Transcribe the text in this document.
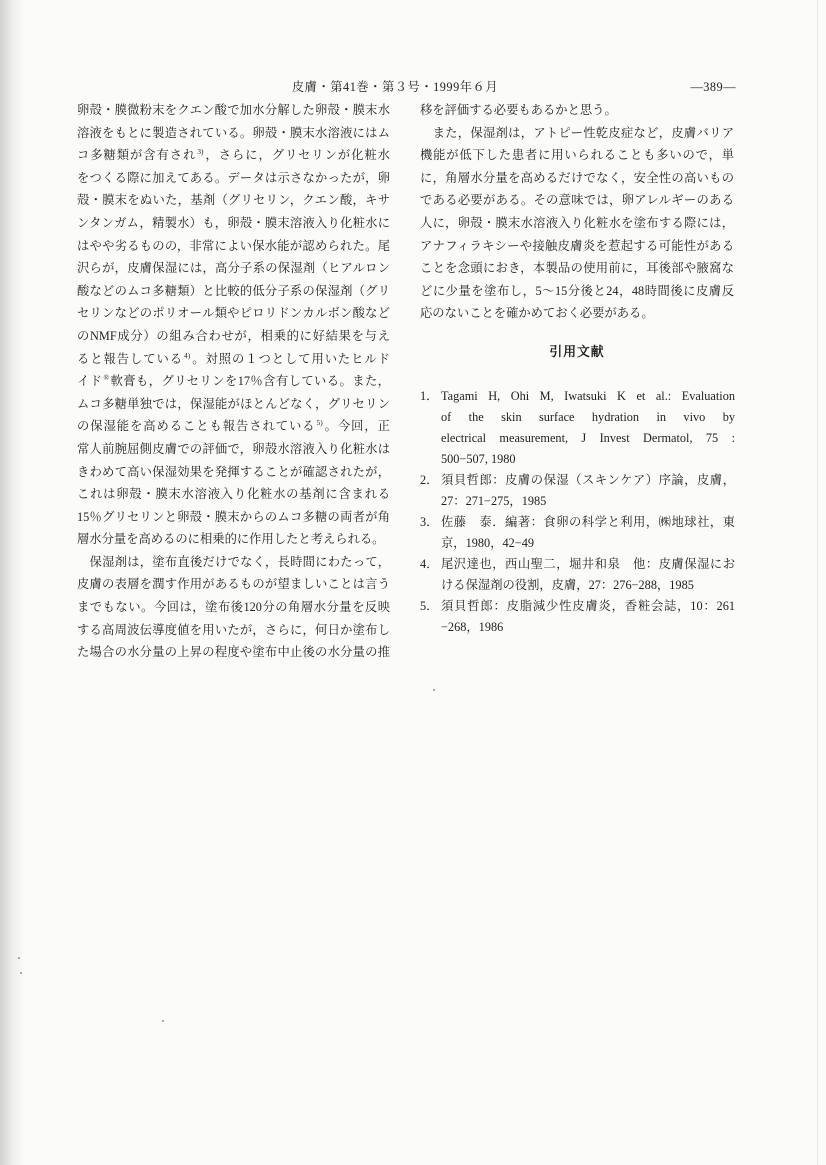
皮膚・第41巻・第３号・1999年６月	—389—
卵殻・膜微粉末をクエン酸で加水分解した卵殻・膜末水
溶液をもとに製造されている。卵殻・膜末水溶液にはム
コ多糖類が含有され$^{3)}$，さらに，グリセリンが化粧水
をつくる際に加えてある。データは示さなかったが，卵
殻・膜末をぬいた，基剤（グリセリン，クエン酸，キサ
ンタンガム，精製水）も，卵殻・膜末溶液入り化粧水に
はやや劣るものの，非常によい保水能が認められた。尾
沢らが，皮膚保湿には，高分子系の保湿剤（ヒアルロン
酸などのムコ多糖類）と比較的低分子系の保湿剤（グリ
セリンなどのポリオール類やピロリドンカルボン酸など
のNMF成分）の組み合わせが，相乗的に好結果を与え
ると報告している$^{4)}$。対照の１つとして用いたヒルド
イド®軟膏も，グリセリンを17％含有している。また，
ムコ多糖単独では，保湿能がほとんどなく，グリセリン
の保湿能を高めることも報告されている$^{5)}$。今回，正
常人前腕屈側皮膚での評価で，卵殻水溶液入り化粧水は
きわめて高い保湿効果を発揮することが確認されたが，
これは卵殻・膜末水溶液入り化粧水の基剤に含まれる
15％グリセリンと卵殻・膜末からのムコ多糖の両者が角
層水分量を高めるのに相乗的に作用したと考えられる。
　保湿剤は，塗布直後だけでなく，長時間にわたって，
皮膚の表層を潤す作用があるものが望ましいことは言う
までもない。今回は，塗布後120分の角層水分量を反映
する高周波伝導度値を用いたが，さらに，何日か塗布し
た場合の水分量の上昇の程度や塗布中止後の水分量の推
移を評価する必要もあるかと思う。
　また，保湿剤は，アトピー性乾皮症など，皮膚バリア
機能が低下した患者に用いられることも多いので，単
に，角層水分量を高めるだけでなく，安全性の高いもの
である必要がある。その意味では，卵アレルギーのある
人に，卵殻・膜末水溶液入り化粧水を塗布する際には，
アナフィラキシーや接触皮膚炎を惹起する可能性がある
ことを念頭におき，本製品の使用前に，耳後部や腋窩な
どに少量を塗布し，5～15分後と24，48時間後に皮膚反
応のないことを確かめておく必要がある。
引用文献
1． Tagami H, Ohi M, Iwatsuki K et al.: Evaluation
of the skin surface hydration in vivo by
electrical measurement, J Invest Dermatol, 75 :
500−507, 1980
2． 須貝哲郎：皮膚の保湿（スキンケア）序論，皮膚，
27：271−275，1985
3． 佐藤　泰．編著：食卵の科学と利用，㈱地球社，東
京，1980，42−49
4． 尾沢達也，西山聖二，堀井和泉　他：皮膚保湿にお
ける保湿剤の役割，皮膚，27：276−288，1985
5． 須貝哲郎：皮脂減少性皮膚炎，香粧会誌，10：261
−268，1986
